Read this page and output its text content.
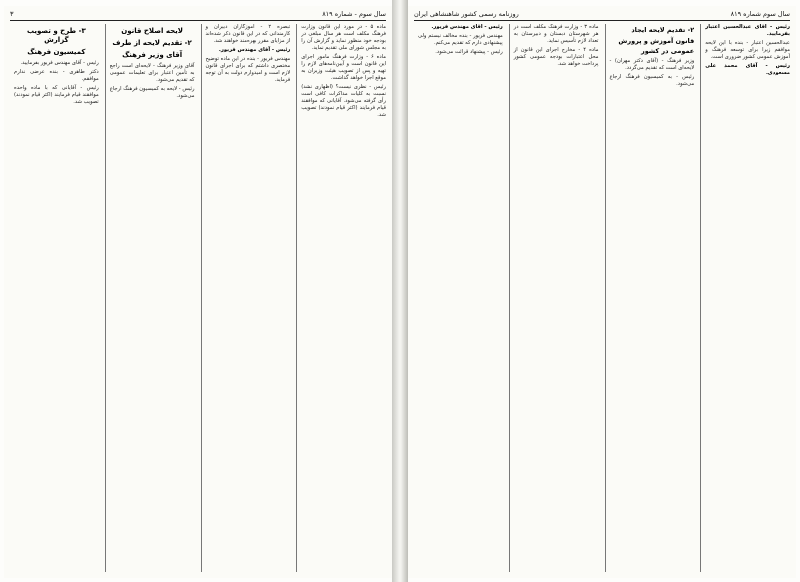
سال سوم - شماره ۸۱۹
۳

ماده ۵ - در مورد این قانون وزارت فرهنگ مکلف است هر سال مبلغی در بودجه خود منظور نماید و گزارش آن را به مجلس شورای ملی تقدیم نماید.

ماده ۶ - وزارت فرهنگ مامور اجرای این قانون است و آیین‌نامه‌های لازم را تهیه و پس از تصویب هیئت وزیران به موقع اجرا خواهد گذاشت.

رئیس - نظری نیست؟ (اظهاری نشد) نسبت به کلیات مذاکرات کافی است رأی گرفته می‌شود. آقایانی که موافقند قیام فرمایند (اکثر قیام نمودند) تصویب شد.

تبصره ۲ - آموزگاران دبیران و کارمندانی که در این قانون ذکر شده‌اند از مزایای مقرر بهره‌مند خواهند شد.

رئیس - آقای مهندس فریور.

مهندس فریور - بنده در این ماده توضیح مختصری داشتم که برای اجرای قانون لازم است و امیدوارم دولت به آن توجه فرماید.

لایحه اصلاح قانون
۲- تقدیم لایحه از طرف
آقای وزیر فرهنگ

آقای وزیر فرهنگ - لایحه‌ای است راجع به تأمین اعتبار برای تعلیمات عمومی که تقدیم می‌شود.

رئیس - لایحه به کمیسیون فرهنگ ارجاع می‌شود.

۳- طرح و تصویب گزارش
کمیسیون فرهنگ

رئیس - آقای مهندس فریور بفرمایید.

دکتر طاهری - بنده عرضی ندارم موافقم.

رئیس - آقایانی که با ماده واحده موافقند قیام فرمایند (اکثر قیام نمودند) تصویب شد.

سال سوم شماره ۸۱۹
روزنامه رسمی کشور شاهنشاهی ایران

رئیس - آقای عبدالحسین اعتبار بفرمایید.

عبدالحسین اعتبار - بنده با این لایحه موافقم زیرا برای توسعه فرهنگ و آموزش عمومی کشور ضروری است.

رئیس - آقای محمد علی مسعودی.

۲- تقدیم لایحه ایجاد
قانون آموزش و پرورش
عمومی در کشور

وزیر فرهنگ - (آقای دکتر مهران) - لایحه‌ای است که تقدیم می‌گردد.

رئیس - به کمیسیون فرهنگ ارجاع می‌شود.

ماده ۳ - وزارت فرهنگ مکلف است در هر شهرستان دبستان و دبیرستان به تعداد لازم تأسیس نماید.

ماده ۴ - مخارج اجرای این قانون از محل اعتبارات بودجه عمومی کشور پرداخت خواهد شد.

رئیس - آقای مهندس فریور.

مهندس فریور - بنده مخالف نیستم ولی پیشنهادی دارم که تقدیم می‌کنم.

رئیس - پیشنهاد قرائت می‌شود.
